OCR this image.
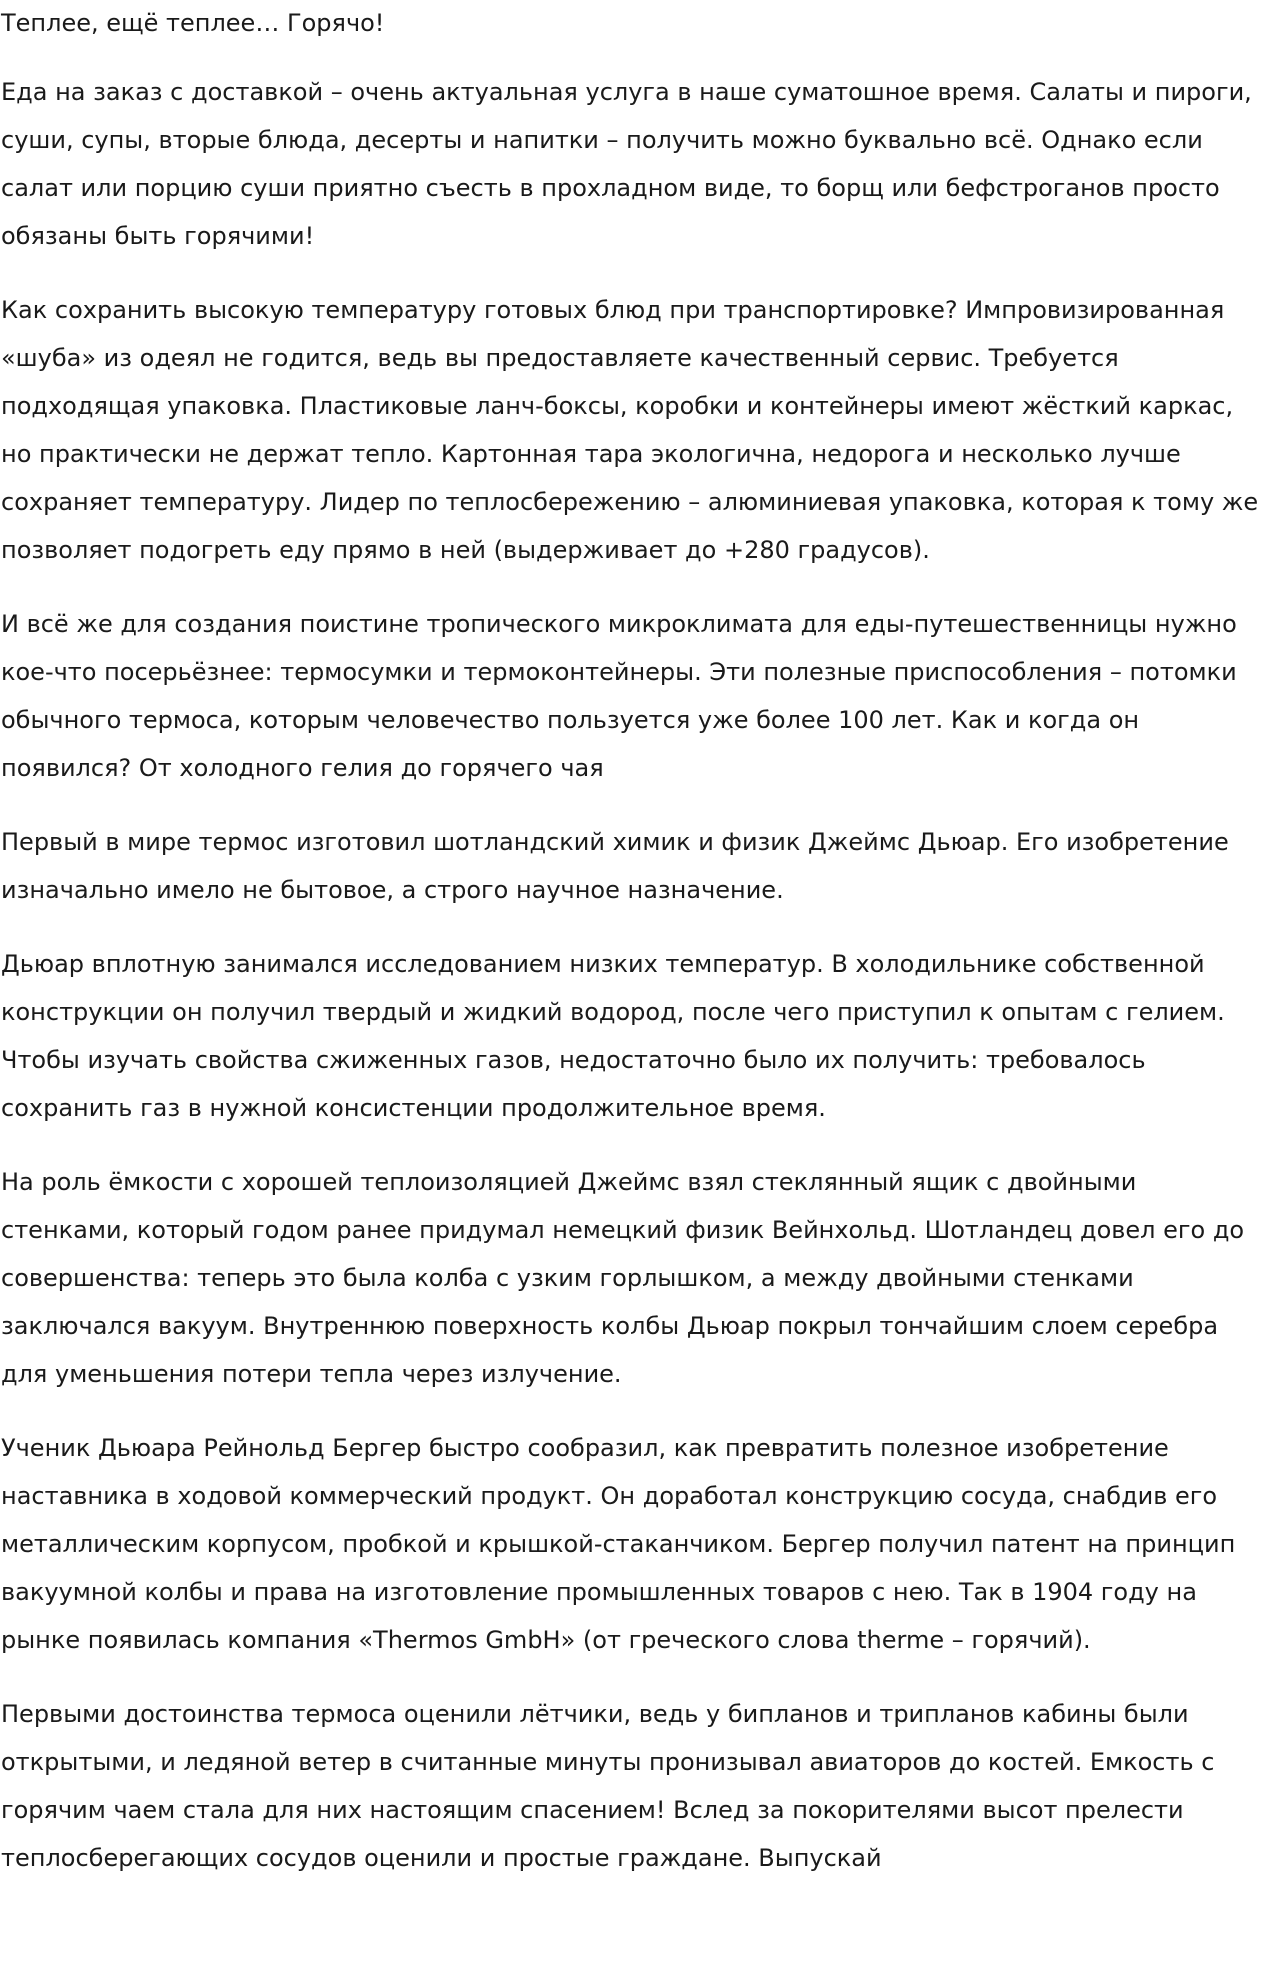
Теплее, ещё теплее… Горячо!

Еда на заказ с доставкой – очень актуальная услуга в наше суматошное время. Салаты и пироги, суши, супы, вторые блюда, десерты и напитки – получить можно буквально всё. Однако если салат или порцию суши приятно съесть в прохладном виде, то борщ или бефстроганов просто обязаны быть горячими!

Как сохранить высокую температуру готовых блюд при транспортировке? Импровизированная «шуба» из одеял не годится, ведь вы предоставляете качественный сервис. Требуется подходящая упаковка. Пластиковые ланч-боксы, коробки и контейнеры имеют жёсткий каркас, но практически не держат тепло. Картонная тара экологична, недорога и несколько лучше сохраняет температуру. Лидер по теплосбережению – алюминиевая упаковка, которая к тому же позволяет подогреть еду прямо в ней (выдерживает до +280 градусов).

И всё же для создания поистине тропического микроклимата для еды-путешественницы нужно кое-что посерьёзнее: термосумки и термоконтейнеры. Эти полезные приспособления – потомки обычного термоса, которым человечество пользуется уже более 100 лет. Как и когда он появился? От холодного гелия до горячего чая

Первый в мире термос изготовил шотландский химик и физик Джеймс Дьюар. Его изобретение изначально имело не бытовое, а строго научное назначение.

Дьюар вплотную занимался исследованием низких температур. В холодильнике собственной конструкции он получил твердый и жидкий водород, после чего приступил к опытам с гелием. Чтобы изучать свойства сжиженных газов, недостаточно было их получить: требовалось сохранить газ в нужной консистенции продолжительное время.

На роль ёмкости с хорошей теплоизоляцией Джеймс взял стеклянный ящик с двойными стенками, который годом ранее придумал немецкий физик Вейнхольд. Шотландец довел его до совершенства: теперь это была колба с узким горлышком, а между двойными стенками заключался вакуум. Внутреннюю поверхность колбы Дьюар покрыл тончайшим слоем серебра для уменьшения потери тепла через излучение.

Ученик Дьюара Рейнольд Бергер быстро сообразил, как превратить полезное изобретение наставника в ходовой коммерческий продукт. Он доработал конструкцию сосуда, снабдив его металлическим корпусом, пробкой и крышкой-стаканчиком. Бергер получил патент на принцип вакуумной колбы и права на изготовление промышленных товаров с нею. Так в 1904 году на рынке появилась компания «Thermos GmbH» (от греческого слова therme – горячий).

Первыми достоинства термоса оценили лётчики, ведь у бипланов и трипланов кабины были открытыми, и ледяной ветер в считанные минуты пронизывал авиаторов до костей. Емкость с горячим чаем стала для них настоящим спасением! Вслед за покорителями высот прелести теплосберегающих сосудов оценили и простые граждане. Выпускай
